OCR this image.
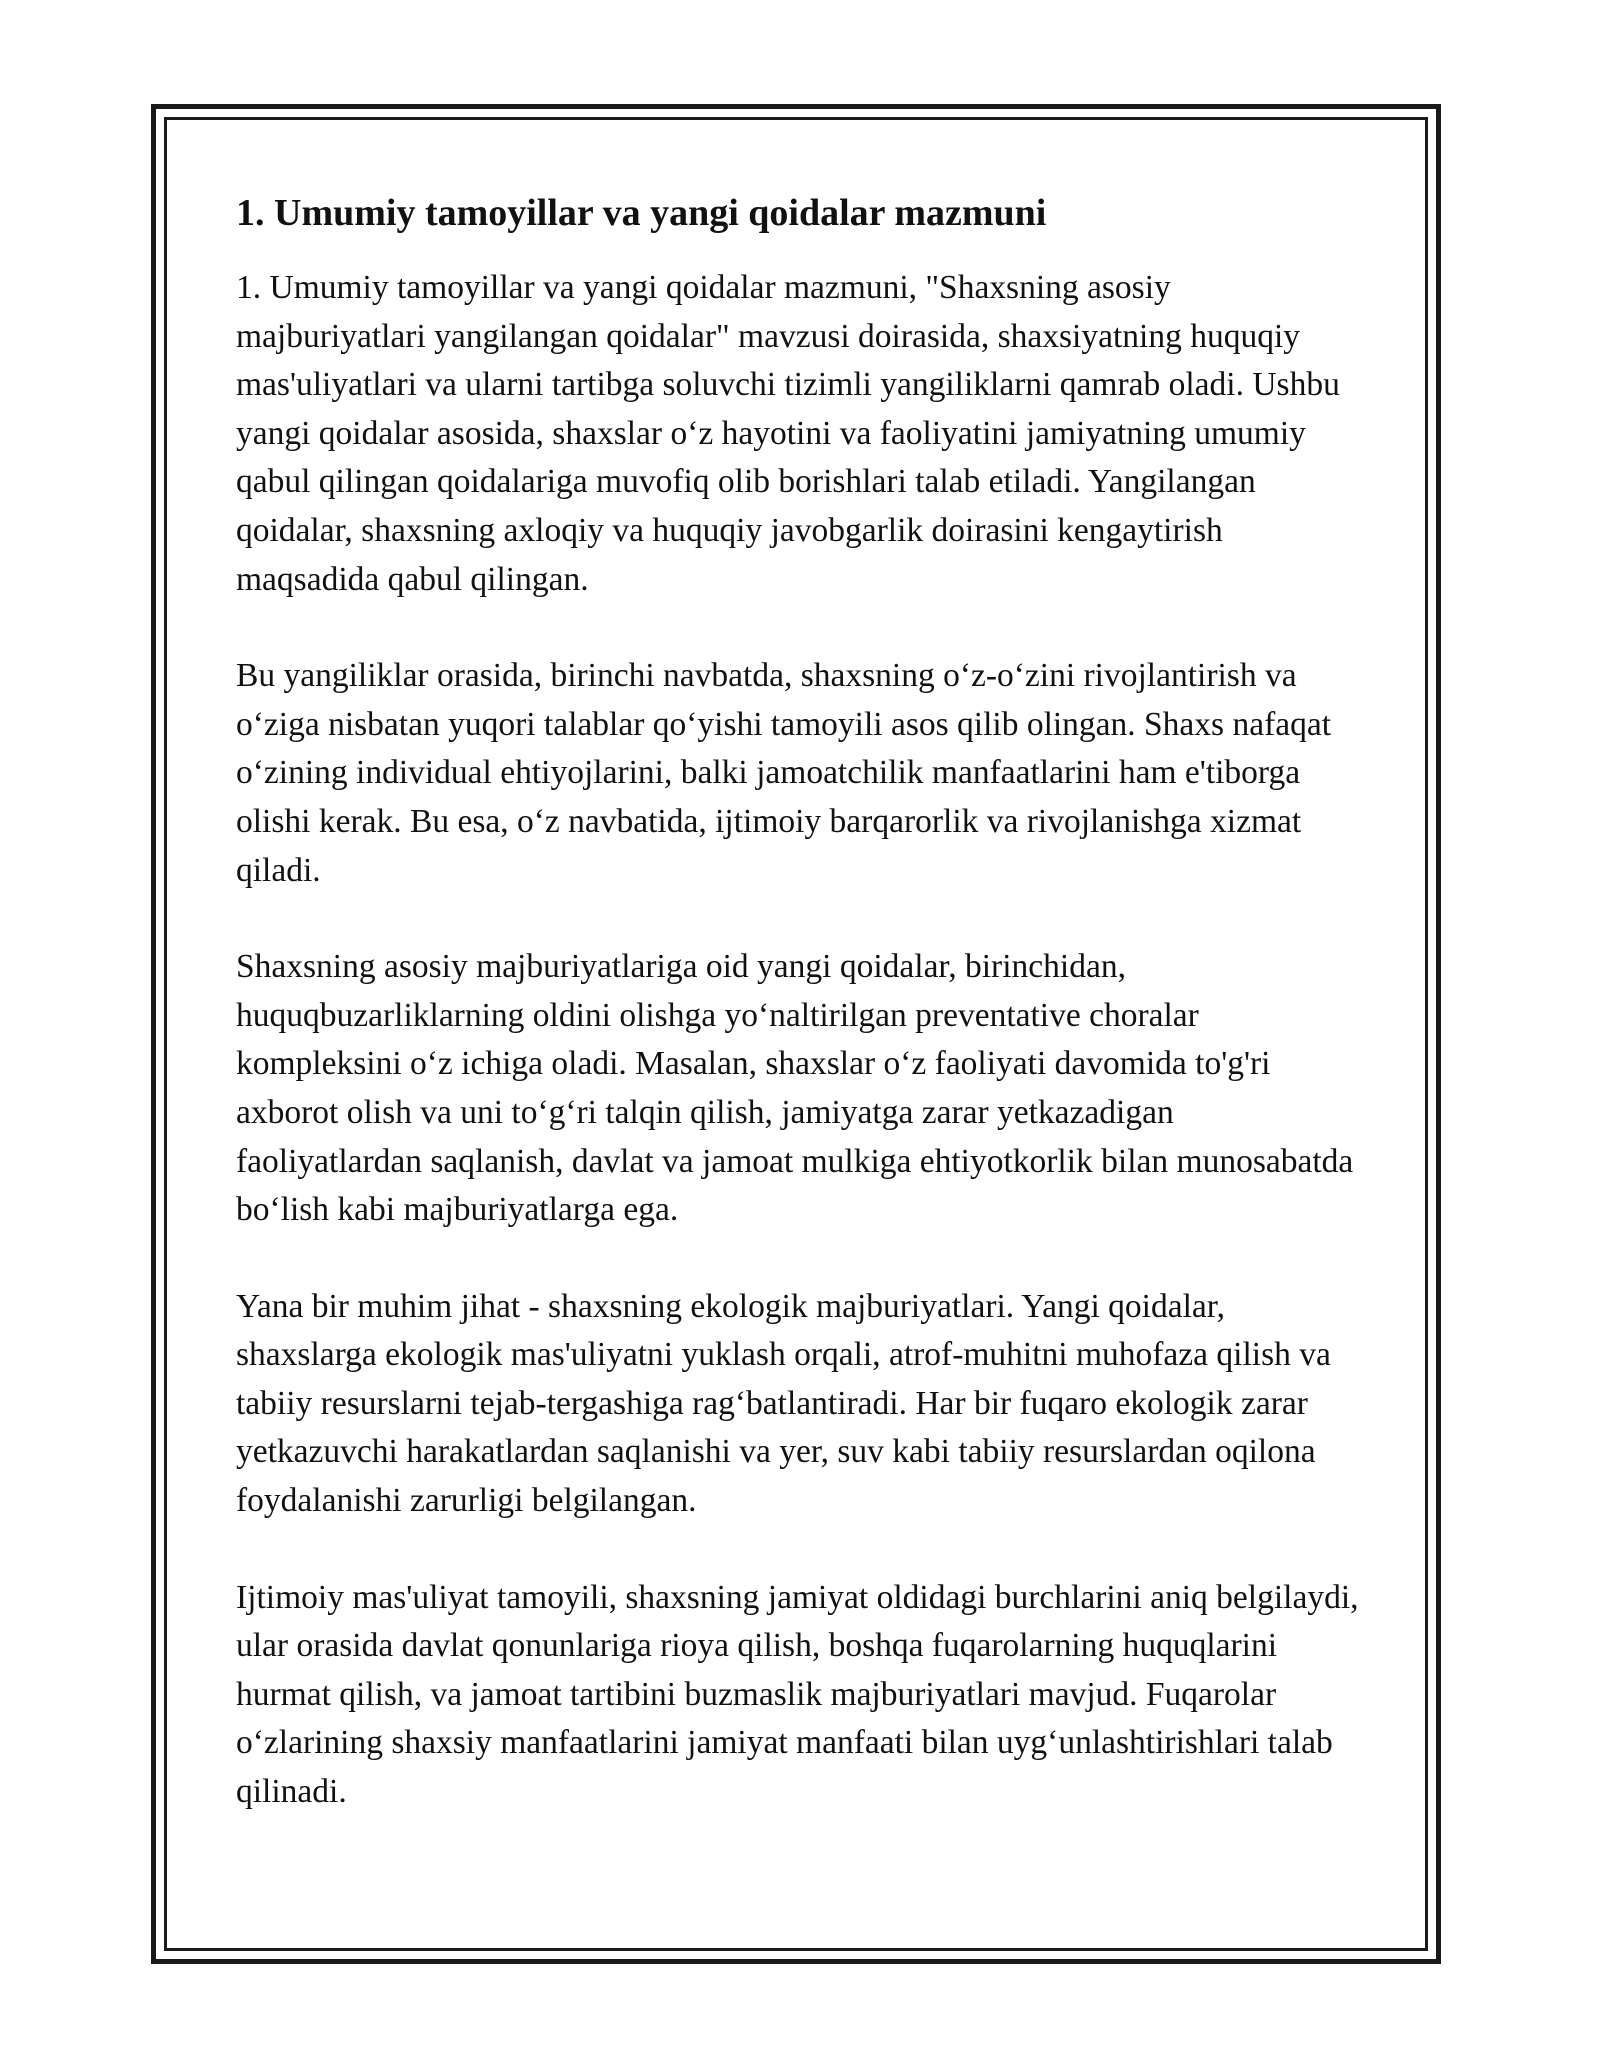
1. Umumiy tamoyillar va yangi qoidalar mazmuni

1. Umumiy tamoyillar va yangi qoidalar mazmuni, "Shaxsning asosiy majburiyatlari yangilangan qoidalar" mavzusi doirasida, shaxsiyatning huquqiy mas'uliyatlari va ularni tartibga soluvchi tizimli yangiliklarni qamrab oladi. Ushbu yangi qoidalar asosida, shaxslar o‘z hayotini va faoliyatini jamiyatning umumiy qabul qilingan qoidalariga muvofiq olib borishlari talab etiladi. Yangilangan qoidalar, shaxsning axloqiy va huquqiy javobgarlik doirasini kengaytirish maqsadida qabul qilingan.

Bu yangiliklar orasida, birinchi navbatda, shaxsning o‘z-o‘zini rivojlantirish va o‘ziga nisbatan yuqori talablar qo‘yishi tamoyili asos qilib olingan. Shaxs nafaqat o‘zining individual ehtiyojlarini, balki jamoatchilik manfaatlarini ham e'tiborga olishi kerak. Bu esa, o‘z navbatida, ijtimoiy barqarorlik va rivojlanishga xizmat qiladi.

Shaxsning asosiy majburiyatlariga oid yangi qoidalar, birinchidan, huquqbuzarliklarning oldini olishga yo‘naltirilgan preventative choralar kompleksini o‘z ichiga oladi. Masalan, shaxslar o‘z faoliyati davomida to'g'ri axborot olish va uni to‘g‘ri talqin qilish, jamiyatga zarar yetkazadigan faoliyatlardan saqlanish, davlat va jamoat mulkiga ehtiyotkorlik bilan munosabatda bo‘lish kabi majburiyatlarga ega.

Yana bir muhim jihat - shaxsning ekologik majburiyatlari. Yangi qoidalar, shaxslarga ekologik mas'uliyatni yuklash orqali, atrof-muhitni muhofaza qilish va tabiiy resurslarni tejab-tergashiga rag‘batlantiradi. Har bir fuqaro ekologik zarar yetkazuvchi harakatlardan saqlanishi va yer, suv kabi tabiiy resurslardan oqilona foydalanishi zarurligi belgilangan.

Ijtimoiy mas'uliyat tamoyili, shaxsning jamiyat oldidagi burchlarini aniq belgilaydi, ular orasida davlat qonunlariga rioya qilish, boshqa fuqarolarning huquqlarini hurmat qilish, va jamoat tartibini buzmaslik majburiyatlari mavjud. Fuqarolar o‘zlarining shaxsiy manfaatlarini jamiyat manfaati bilan uyg‘unlashtirishlari talab qilinadi.
